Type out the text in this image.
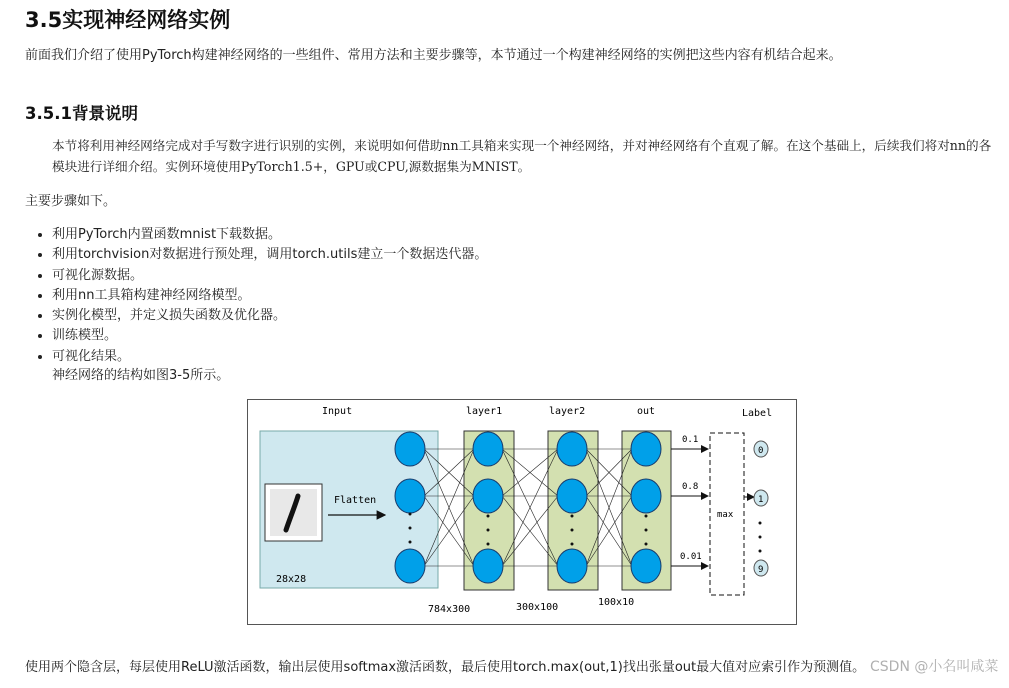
3.5实现神经网络实例

前面我们介绍了使用PyTorch构建神经网络的一些组件、常用方法和主要步骤等，本节通过一个构建神经网络的实例把这些内容有机结合起来。

3.5.1背景说明

本节将利用神经网络完成对手写数字进行识别的实例，来说明如何借助nn工具箱来实现一个神经网络，并对神经网络有个直观了解。在这个基础上，后续我们将对nn的各模块进行详细介绍。实例环境使用PyTorch1.5+，GPU或CPU,源数据集为MNIST。

主要步骤如下。

• 利用PyTorch内置函数mnist下载数据。
• 利用torchvision对数据进行预处理，调用torch.utils建立一个数据迭代器。
• 可视化源数据。
• 利用nn工具箱构建神经网络模型。
• 实例化模型，并定义损失函数及优化器。
• 训练模型。
• 可视化结果。

神经网络的结构如图3-5所示。

Input	layer1	layer2	out	Label
Flatten
28x28
0.1
0.8
0.01
max
0
1
9
784x300	300x100	100x10

使用两个隐含层，每层使用ReLU激活函数，输出层使用softmax激活函数，最后使用torch.max(out,1)找出张量out最大值对应索引作为预测值。 CSDN @小名叫咸菜
